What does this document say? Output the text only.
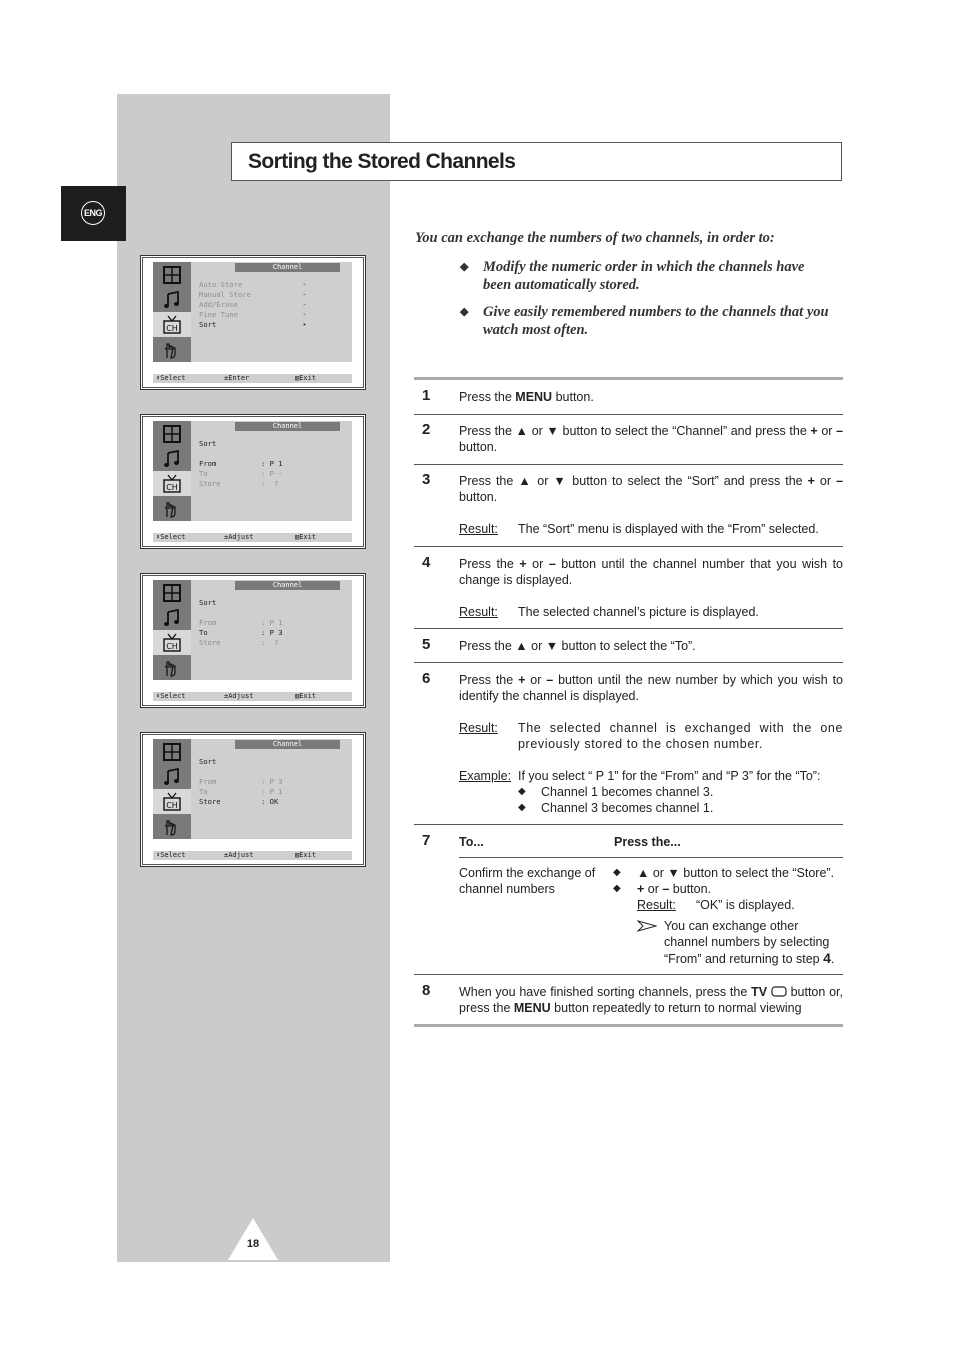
ENG
Sorting the Stored Channels
CH
Channel
Auto Store	▸
Manual Store	▸
Add/Erase	▸
Fine Tune	▸
Sort	▸
⬍Select	±Enter	▥Exit
CH
Channel
Sort
From	: P 1
To	: P--
Store	:  ?
⬍Select	±Adjust	▥Exit
CH
Channel
Sort
From	: P 1
To	: P 3
Store	:  ?
⬍Select	±Adjust	▥Exit
CH
Channel
Sort
From	: P 3
To	: P 1
Store	: OK
⬍Select	±Adjust	▥Exit

You can exchange the numbers of two channels, in order to:

◆ Modify the numeric order in which the channels have been automatically stored.
◆ Give easily remembered numbers to the channels that you watch most often.
1 Press the MENU button.
2 Press the ▲ or ▼ button to select the “Channel” and press the + or – button.
3 Press the ▲ or ▼ button to select the “Sort” and press the + or – button.
Result: The “Sort” menu is displayed with the “From” selected.
4 Press the + or – button until the channel number that you wish to change is displayed.
Result: The selected channel’s picture is displayed.
5 Press the ▲ or ▼ button to select the “To”.
6 Press the + or – button until the new number by which you wish to identify the channel is displayed.
Result: The selected channel is exchanged with the one previously stored to the chosen number.
Example: If you select “ P 1” for the “From” and “P 3” for the “To”:
◆ Channel 1 becomes channel 3.
◆ Channel 3 becomes channel 1.
7 To...	Press the...
Confirm the exchange of channel numbers
◆ ▲ or ▼ button to select the “Store”.
◆ + or – button.
Result: “OK” is displayed.
You can exchange other channel numbers by selecting “From” and returning to step 4.
8 When you have finished sorting channels, press the TV  button or, press the MENU button repeatedly to return to normal viewing
18
